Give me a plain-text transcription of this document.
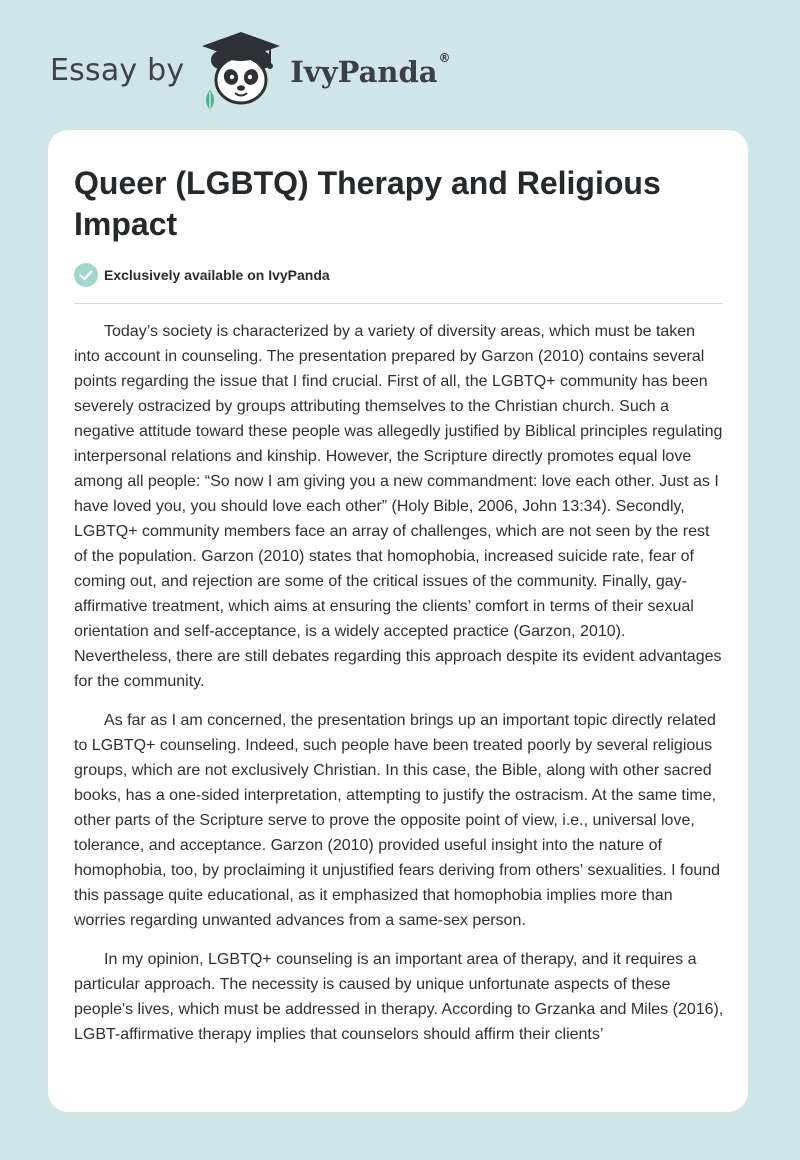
Essay by	IvyPanda®
Queer (LGBTQ) Therapy and Religious Impact
Exclusively available on IvyPanda

Today’s society is characterized by a variety of diversity areas, which must be taken into account in counseling. The presentation prepared by Garzon (2010) contains several points regarding the issue that I find crucial. First of all, the LGBTQ+ community has been severely ostracized by groups attributing themselves to the Christian church. Such a negative attitude toward these people was allegedly justified by Biblical principles regulating interpersonal relations and kinship. However, the Scripture directly promotes equal love among all people: “So now I am giving you a new commandment: love each other. Just as I have loved you, you should love each other” (Holy Bible, 2006, John 13:34). Secondly, LGBTQ+ community members face an array of challenges, which are not seen by the rest of the population. Garzon (2010) states that homophobia, increased suicide rate, fear of coming out, and rejection are some of the critical issues of the community. Finally, gay-affirmative treatment, which aims at ensuring the clients’ comfort in terms of their sexual orientation and self-acceptance, is a widely accepted practice (Garzon, 2010). Nevertheless, there are still debates regarding this approach despite its evident advantages for the community.

As far as I am concerned, the presentation brings up an important topic directly related to LGBTQ+ counseling. Indeed, such people have been treated poorly by several religious groups, which are not exclusively Christian. In this case, the Bible, along with other sacred books, has a one-sided interpretation, attempting to justify the ostracism. At the same time, other parts of the Scripture serve to prove the opposite point of view, i.e., universal love, tolerance, and acceptance. Garzon (2010) provided useful insight into the nature of homophobia, too, by proclaiming it unjustified fears deriving from others' sexualities. I found this passage quite educational, as it emphasized that homophobia implies more than worries regarding unwanted advances from a same-sex person.

In my opinion, LGBTQ+ counseling is an important area of therapy, and it requires a particular approach. The necessity is caused by unique unfortunate aspects of these people's lives, which must be addressed in therapy. According to Grzanka and Miles (2016), LGBT-affirmative therapy implies that counselors should affirm their clients’
